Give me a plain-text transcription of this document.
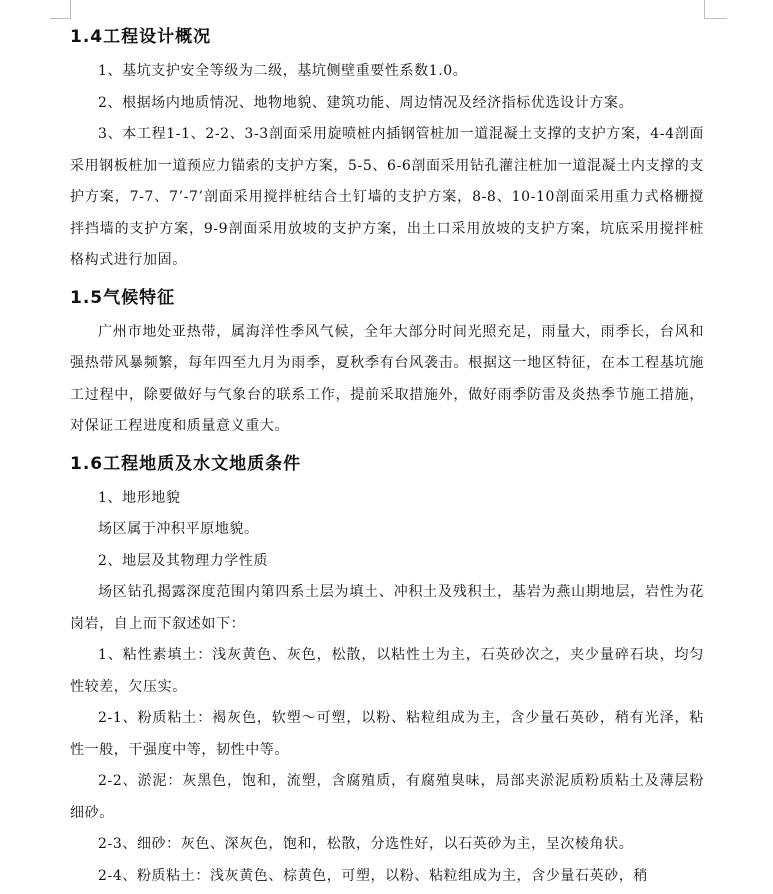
1.4工程设计概况

1、基坑支护安全等级为二级，基坑侧壁重要性系数1.0。

2、根据场内地质情况、地物地貌、建筑功能、周边情况及经济指标优选设计方案。

3、本工程1-1、2-2、3-3剖面采用旋喷桩内插钢管桩加一道混凝土支撑的支护方案，4-4剖面采用钢板桩加一道预应力锚索的支护方案，5-5、6-6剖面采用钻孔灌注桩加一道混凝土内支撑的支护方案，7-7、7’-7’剖面采用搅拌桩结合土钉墙的支护方案，8-8、10-10剖面采用重力式格栅搅拌挡墙的支护方案，9-9剖面采用放坡的支护方案，出土口采用放坡的支护方案，坑底采用搅拌桩格构式进行加固。

1.5气候特征

广州市地处亚热带，属海洋性季风气候，全年大部分时间光照充足，雨量大，雨季长，台风和强热带风暴频繁，每年四至九月为雨季，夏秋季有台风袭击。根据这一地区特征，在本工程基坑施工过程中，除要做好与气象台的联系工作，提前采取措施外，做好雨季防雷及炎热季节施工措施，对保证工程进度和质量意义重大。

1.6工程地质及水文地质条件

1、地形地貌

场区属于冲积平原地貌。

2、地层及其物理力学性质

场区钻孔揭露深度范围内第四系土层为填土、冲积土及残积土，基岩为燕山期地层，岩性为花岗岩，自上而下叙述如下：

1、粘性素填土：浅灰黄色、灰色，松散，以粘性土为主，石英砂次之，夹少量碎石块，均匀性较差，欠压实。

2-1、粉质粘土：褐灰色，软塑～可塑，以粉、粘粒组成为主，含少量石英砂，稍有光泽，粘性一般，干强度中等，韧性中等。

2-2、淤泥：灰黑色，饱和，流塑，含腐殖质，有腐殖臭味，局部夹淤泥质粉质粘土及薄层粉细砂。

2-3、细砂：灰色、深灰色，饱和，松散，分选性好，以石英砂为主，呈次棱角状。

2-4、粉质粘土：浅灰黄色、棕黄色，可塑，以粉、粘粒组成为主，含少量石英砂，稍
